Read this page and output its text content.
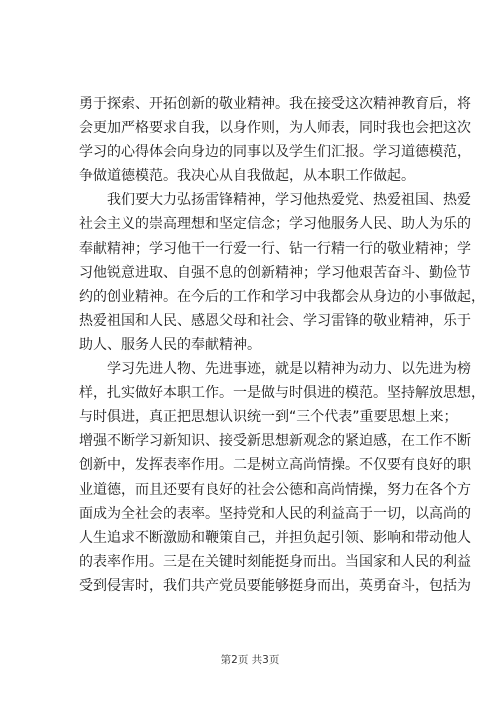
勇于探索、开拓创新的敬业精神。我在接受这次精神教育后，将
会更加严格要求自我，以身作则，为人师表，同时我也会把这次
学习的心得体会向身边的同事以及学生们汇报。学习道德模范，
争做道德模范。我决心从自我做起，从本职工作做起。
我们要大力弘扬雷锋精神，学习他热爱党、热爱祖国、热爱
社会主义的崇高理想和坚定信念；学习他服务人民、助人为乐的
奉献精神；学习他干一行爱一行、钻一行精一行的敬业精神；学
习他锐意进取、自强不息的创新精神；学习他艰苦奋斗、勤俭节
约的创业精神。在今后的工作和学习中我都会从身边的小事做起，
热爱祖国和人民、感恩父母和社会、学习雷锋的敬业精神，乐于
助人、服务人民的奉献精神。
学习先进人物、先进事迹，就是以精神为动力、以先进为榜
样，扎实做好本职工作。一是做与时俱进的模范。坚持解放思想，
与时俱进，真正把思想认识统一到“三个代表”重要思想上来；
增强不断学习新知识、接受新思想新观念的紧迫感，在工作不断
创新中，发挥表率作用。二是树立高尚情操。不仅要有良好的职
业道德，而且还要有良好的社会公德和高尚情操，努力在各个方
面成为全社会的表率。坚持党和人民的利益高于一切，以高尚的
人生追求不断激励和鞭策自己，并担负起引领、影响和带动他人
的表率作用。三是在关键时刻能挺身而出。当国家和人民的利益
受到侵害时，我们共产党员要能够挺身而出，英勇奋斗，包括为
第2页 共3页
